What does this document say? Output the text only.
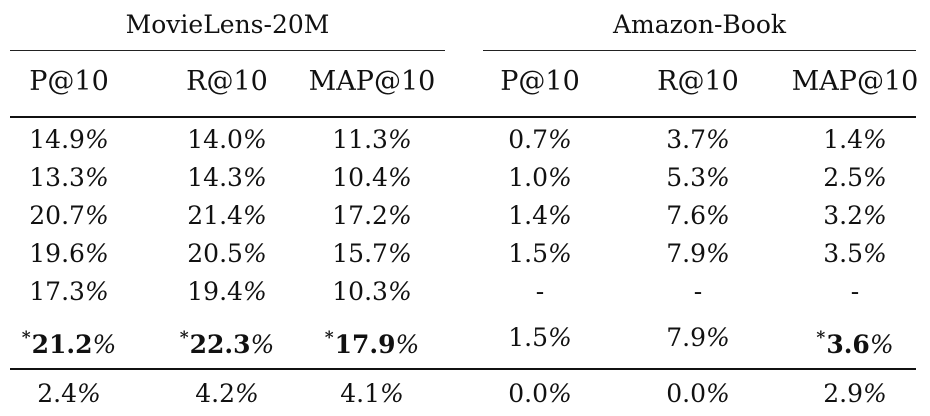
MovieLens-20M	Amazon-Book
P@10	R@10	MAP@10	P@10	R@10	MAP@10
14.9%	14.0%	11.3%	0.7%	3.7%	1.4%
13.3%	14.3%	10.4%	1.0%	5.3%	2.5%
20.7%	21.4%	17.2%	1.4%	7.6%	3.2%
19.6%	20.5%	15.7%	1.5%	7.9%	3.5%
17.3%	19.4%	10.3%	-	-	-
*21.2%	*22.3%	*17.9%	1.5%	7.9%	*3.6%
2.4%	4.2%	4.1%	0.0%	0.0%	2.9%
